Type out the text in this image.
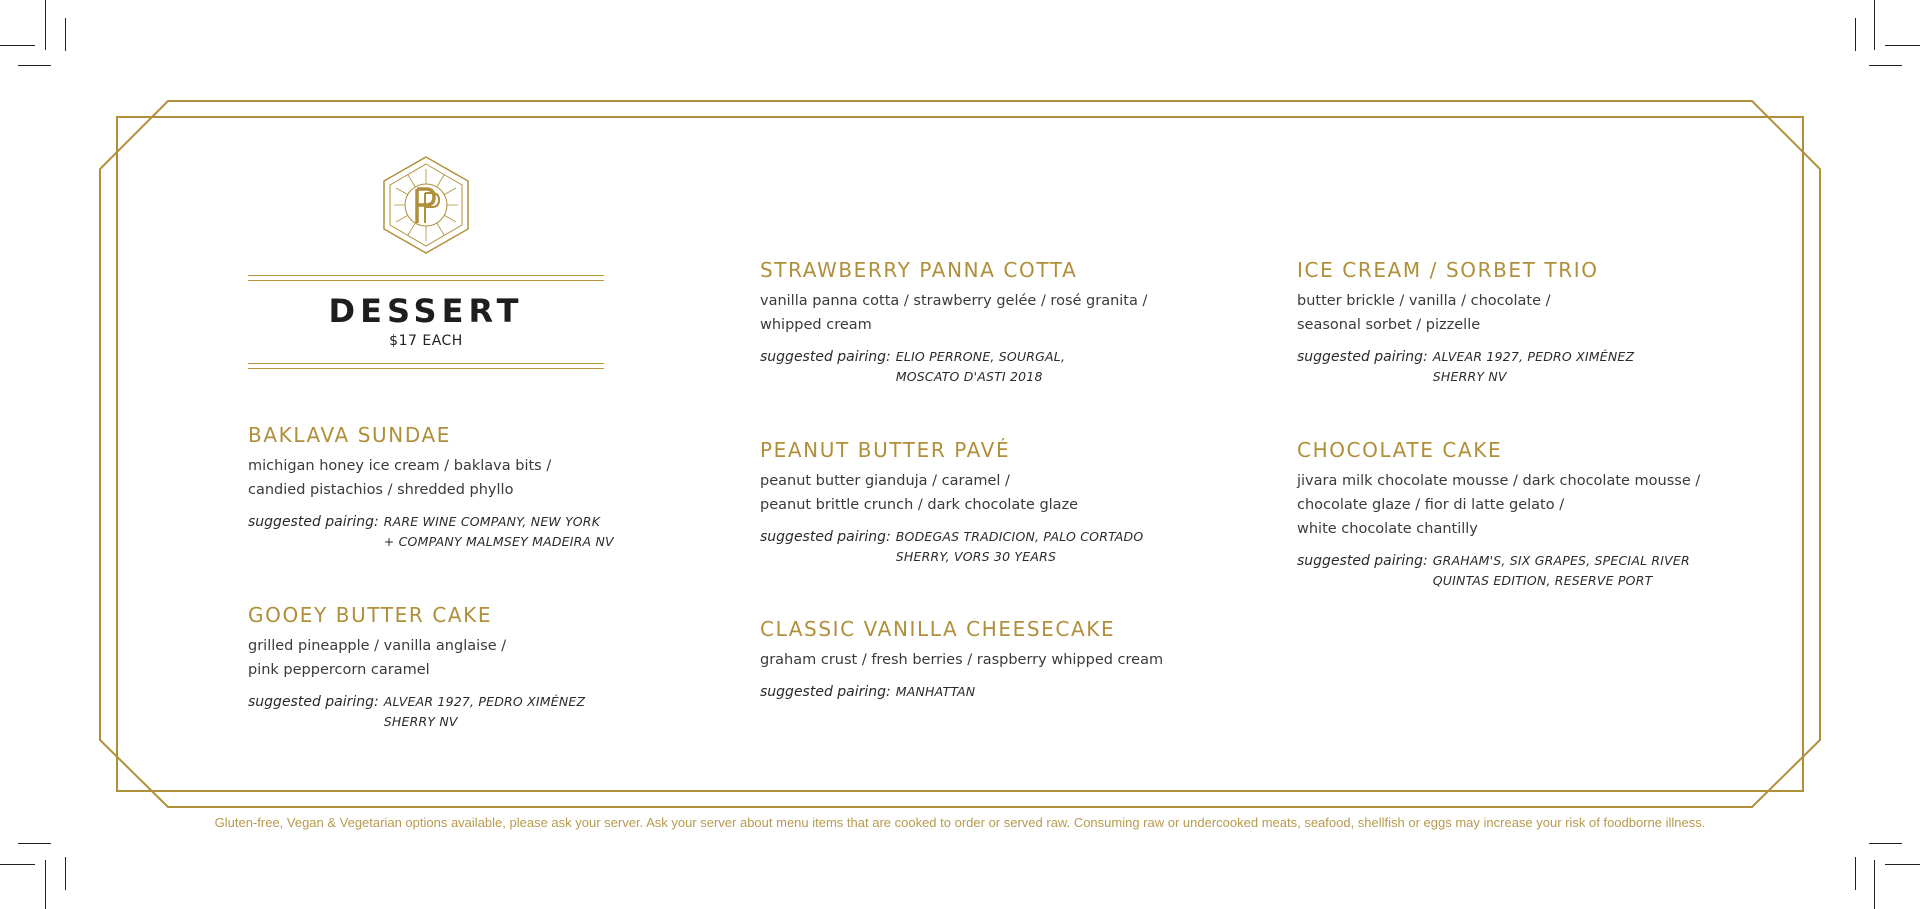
DESSERT
$17 EACH
BAKLAVA SUNDAE
michigan honey ice cream / baklava bits /
candied pistachios / shredded phyllo
suggested pairing: RARE WINE COMPANY, NEW YORK
+ COMPANY MALMSEY MADEIRA NV
GOOEY BUTTER CAKE
grilled pineapple / vanilla anglaise /
pink peppercorn caramel
suggested pairing: ALVEAR 1927, PEDRO XIMÉNEZ
SHERRY NV
STRAWBERRY PANNA COTTA
vanilla panna cotta / strawberry gelée / rosé granita /
whipped cream
suggested pairing: ELIO PERRONE, SOURGAL,
MOSCATO D'ASTI 2018
PEANUT BUTTER PAVÉ
peanut butter gianduja / caramel /
peanut brittle crunch / dark chocolate glaze
suggested pairing: BODEGAS TRADICION, PALO CORTADO
SHERRY, VORS 30 YEARS
CLASSIC VANILLA CHEESECAKE
graham crust / fresh berries / raspberry whipped cream
suggested pairing: MANHATTAN
ICE CREAM / SORBET TRIO
butter brickle / vanilla / chocolate /
seasonal sorbet / pizzelle
suggested pairing: ALVEAR 1927, PEDRO XIMÉNEZ
SHERRY NV
CHOCOLATE CAKE
jivara milk chocolate mousse / dark chocolate mousse /
chocolate glaze / fior di latte gelato /
white chocolate chantilly
suggested pairing: GRAHAM'S, SIX GRAPES, SPECIAL RIVER
QUINTAS EDITION, RESERVE PORT
Gluten-free, Vegan & Vegetarian options available, please ask your server. Ask your server about menu items that are cooked to order or served raw. Consuming raw or undercooked meats, seafood, shellfish or eggs may increase your risk of foodborne illness.
